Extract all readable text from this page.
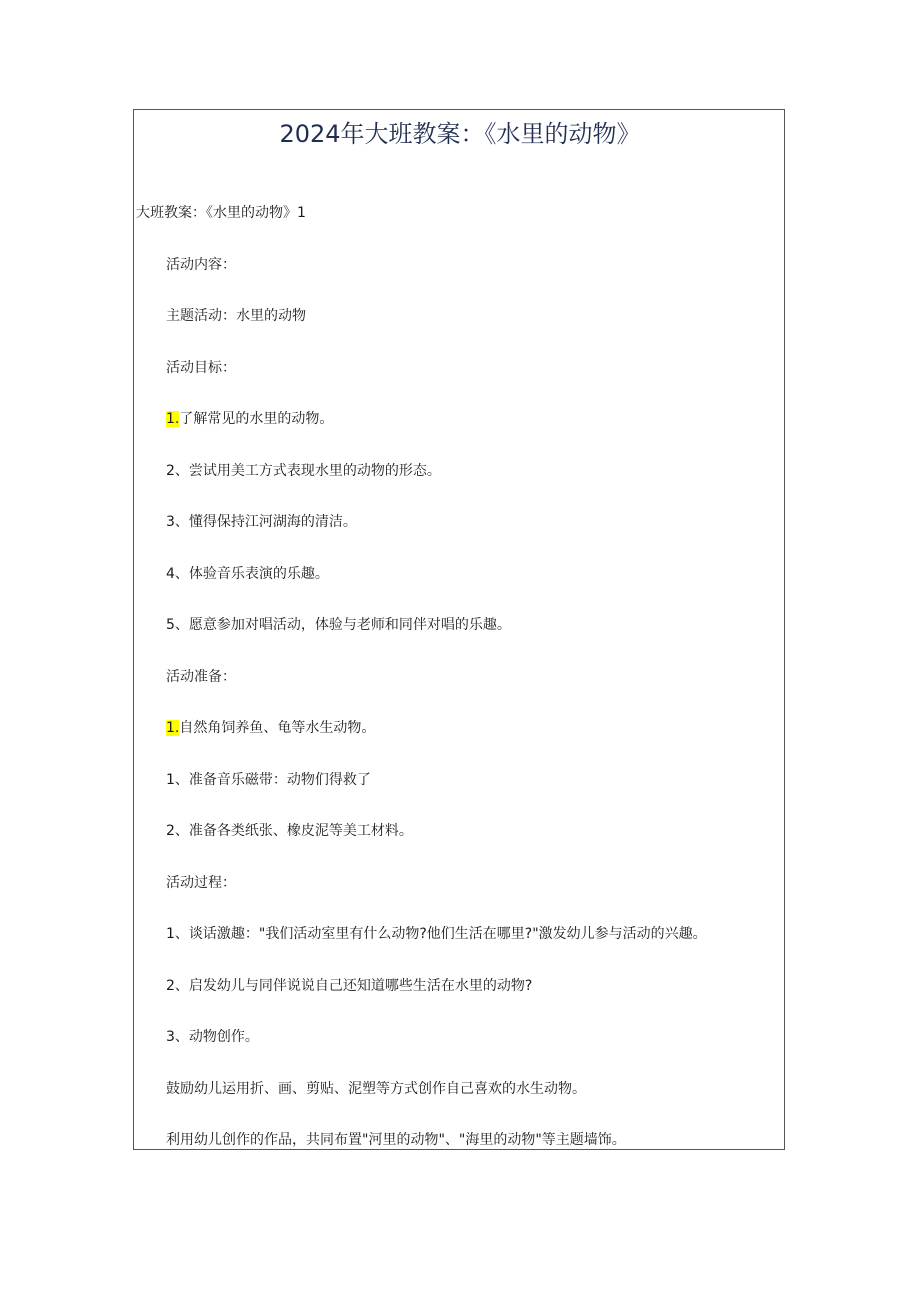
2024年大班教案：《水里的动物》

大班教案：《水里的动物》1

活动内容：

主题活动：水里的动物

活动目标：

1.了解常见的水里的动物。

2、尝试用美工方式表现水里的动物的形态。

3、懂得保持江河湖海的清洁。

4、体验音乐表演的乐趣。

5、愿意参加对唱活动，体验与老师和同伴对唱的乐趣。

活动准备：

1.自然角饲养鱼、龟等水生动物。

1、准备音乐磁带：动物们得救了

2、准备各类纸张、橡皮泥等美工材料。

活动过程：

1、谈话激趣："我们活动室里有什么动物?他们生活在哪里?"激发幼儿参与活动的兴趣。

2、启发幼儿与同伴说说自己还知道哪些生活在水里的动物?

3、动物创作。

鼓励幼儿运用折、画、剪贴、泥塑等方式创作自己喜欢的水生动物。

利用幼儿创作的作品，共同布置"河里的动物"、"海里的动物"等主题墙饰。
